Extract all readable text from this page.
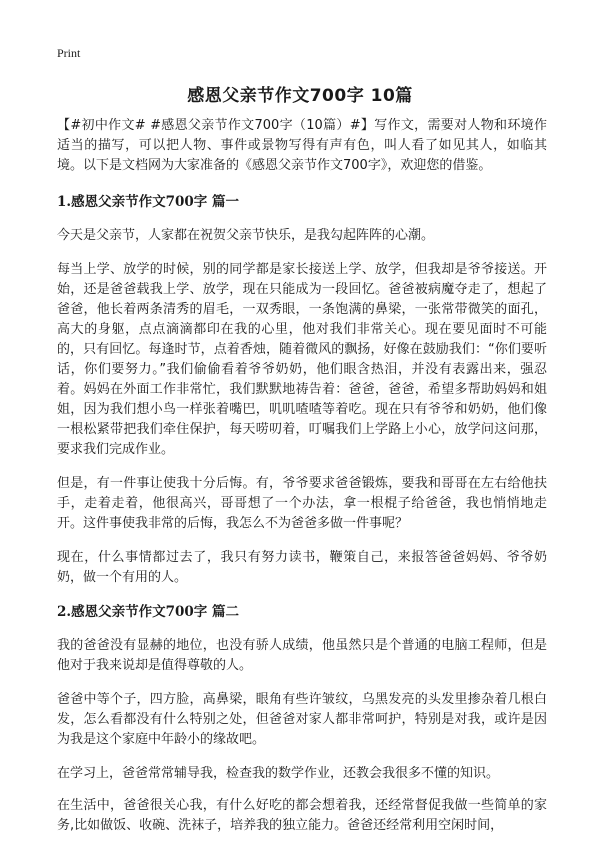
Print
感恩父亲节作文700字 10篇

【#初中作文# #感恩父亲节作文700字（10篇）#】写作文，需要对人物和环境作适当的描写，可以把人物、事件或景物写得有声有色，叫人看了如见其人，如临其境。以下是文档网为大家准备的《感恩父亲节作文700字》，欢迎您的借鉴。

1.感恩父亲节作文700字 篇一

今天是父亲节，人家都在祝贺父亲节快乐，是我勾起阵阵的心潮。

每当上学、放学的时候，别的同学都是家长接送上学、放学，但我却是爷爷接送。开始，还是爸爸载我上学、放学，现在只能成为一段回忆。爸爸被病魔夺走了，想起了爸爸，他长着两条清秀的眉毛，一双秀眼，一条饱满的鼻梁，一张常带微笑的面孔，高大的身躯，点点滴滴都印在我的心里，他对我们非常关心。现在要见面时不可能的，只有回忆。每逢时节，点着香烛，随着微风的飘扬，好像在鼓励我们：“你们要听话，你们要努力。”我们偷偷看着爷爷奶奶，他们眼含热泪，并没有表露出来，强忍着。妈妈在外面工作非常忙，我们默默地祷告着：爸爸，爸爸，希望多帮助妈妈和姐姐，因为我们想小鸟一样张着嘴巴，叽叽喳喳等着吃。现在只有爷爷和奶奶，他们像一根松紧带把我们牵住保护，每天唠叨着，叮嘱我们上学路上小心，放学问这问那，要求我们完成作业。

但是，有一件事让使我十分后悔。有，爷爷要求爸爸锻炼，要我和哥哥在左右给他扶手，走着走着，他很高兴，哥哥想了一个办法，拿一根棍子给爸爸，我也悄悄地走开。这件事使我非常的后悔，我怎么不为爸爸多做一件事呢？

现在，什么事情都过去了，我只有努力读书，鞭策自己，来报答爸爸妈妈、爷爷奶奶，做一个有用的人。

2.感恩父亲节作文700字 篇二

我的爸爸没有显赫的地位，也没有骄人成绩，他虽然只是个普通的电脑工程师，但是他对于我来说却是值得尊敬的人。

爸爸中等个子，四方脸，高鼻梁，眼角有些许皱纹，乌黑发亮的头发里掺杂着几根白发，怎么看都没有什么特别之处，但爸爸对家人都非常呵护，特别是对我，或许是因为我是这个家庭中年龄小的缘故吧。

在学习上，爸爸常常辅导我，检查我的数学作业，还教会我很多不懂的知识。

在生活中，爸爸很关心我，有什么好吃的都会想着我，还经常督促我做一些简单的家务,比如做饭、收碗、洗袜子，培养我的独立能力。爸爸还经常利用空闲时间，
